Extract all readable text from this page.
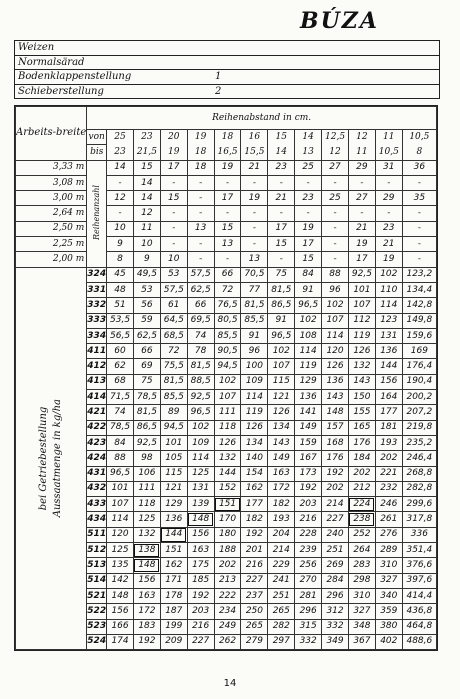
BÚZA
Weizen
Normalsärad
Bodenklappenstellung	1
Schieberstellung	2
Arbeits-breite	Reihenabstand in cm.												
	von	25	23	20	19	18	16	15	14	12,5	12	11	10,5
	bis	23	21,5	19	18	16,5	15,5	14	13	12	11	10,5	8
3,33 m	Reihenanzahl	14	15	17	18	19	21	23	25	27	29	31	36
3,08 m		-	14	-	-	-	-	-	-	-	-	-	-
3,00 m		12	14	15	-	17	19	21	23	25	27	29	35
2,64 m		-	12	-	-	-	-	-	-	-	-	-	-
2,50 m		10	11	-	13	15	-	17	19	-	21	23	-
2,25 m		9	10	-	-	13	-	15	17	-	19	21	-
2,00 m		8	9	10	-	-	13	-	15	-	17	19	-

bei Getriebestellung Aussaatmenge in kg/ha	324	45	49,5	53	57,5	66	70,5	75	84	88	92,5	102	123,2
	331	48	53	57,5	62,5	72	77	81,5	91	96	101	110	134,4
	332	51	56	61	66	76,5	81,5	86,5	96,5	102	107	114	142,8
	333	53,5	59	64,5	69,5	80,5	85,5	91	102	107	112	123	149,8
	334	56,5	62,5	68,5	74	85,5	91	96,5	108	114	119	131	159,6
	411	60	66	72	78	90,5	96	102	114	120	126	136	169
	412	62	69	75,5	81,5	94,5	100	107	119	126	132	144	176,4
	413	68	75	81,5	88,5	102	109	115	129	136	143	156	190,4
	414	71,5	78,5	85,5	92,5	107	114	121	136	143	150	164	200,2
	421	74	81,5	89	96,5	111	119	126	141	148	155	177	207,2
	422	78,5	86,5	94,5	102	118	126	134	149	157	165	181	219,8
	423	84	92,5	101	109	126	134	143	159	168	176	193	235,2
	424	88	98	105	114	132	140	149	167	176	184	202	246,4
	431	96,5	106	115	125	144	154	163	173	192	202	221	268,8
	432	101	111	121	131	152	162	172	192	202	212	232	282,8
	433	107	118	129	139	151	177	182	203	214	224	246	299,6
	434	114	125	136	148	170	182	193	216	227	238	261	317,8
	511	120	132	144	156	180	192	204	228	240	252	276	336
	512	125	138	151	163	188	201	214	239	251	264	289	351,4
	513	135	148	162	175	202	216	229	256	269	283	310	376,6
	514	142	156	171	185	213	227	241	270	284	298	327	397,6
	521	148	163	178	192	222	237	251	281	296	310	340	414,4
	522	156	172	187	203	234	250	265	296	312	327	359	436,8
	523	166	183	199	216	249	265	282	315	332	348	380	464,8
	524	174	192	209	227	262	279	297	332	349	367	402	488,6
14
